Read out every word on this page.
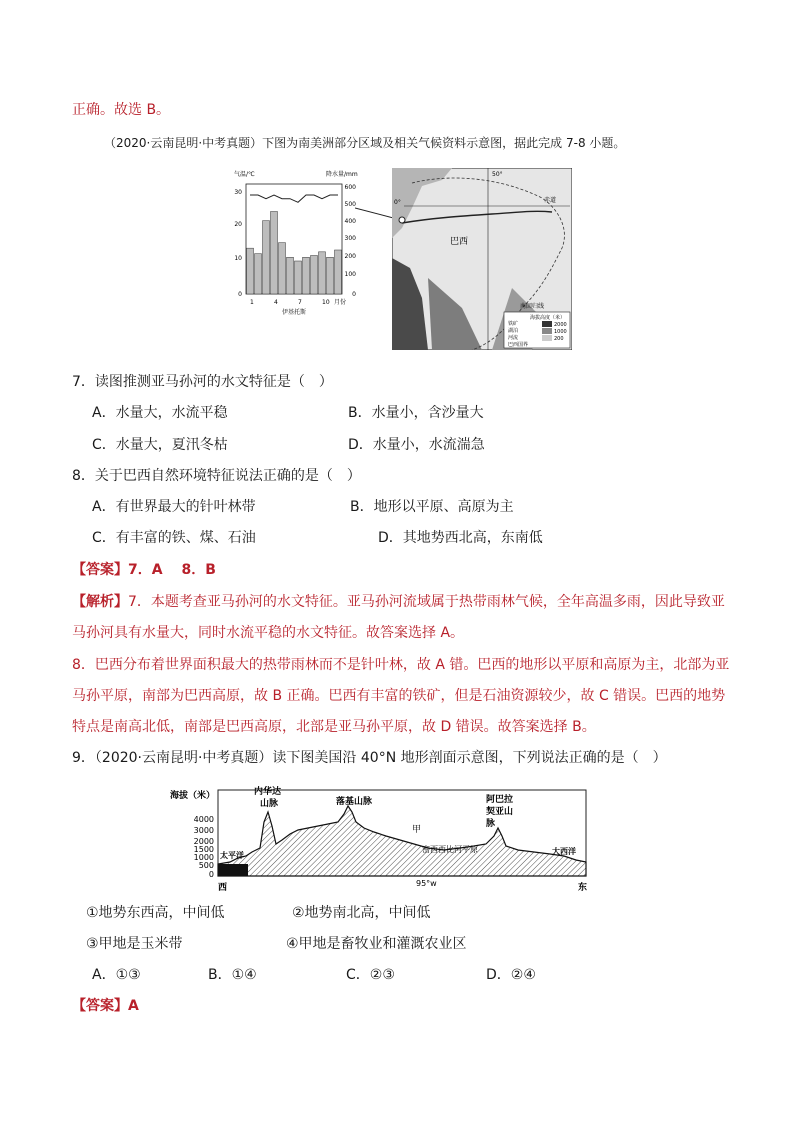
正确。故选 B。
（2020·云南昆明·中考真题）下图为南美洲部分区域及相关气候资料示意图，据此完成 7-8 小题。
气温/℃	降水量/mm
30
20
10
0
600
500
400
300
200
100
0
1	4	7	10 月份
伊基托斯
50°
赤道
0°
巴西
南回归线
海拔高度（米）
铁矿
湖泊
河流
巴西国界
2000
1000
200
7．读图推测亚马孙河的水文特征是（　）
A．水量大，水流平稳	B．水量小，含沙量大
C．水量大，夏汛冬枯	D．水量小，水流湍急
8．关于巴西自然环境特征说法正确的是（　）
A．有世界最大的针叶林带	B．地形以平原、高原为主
C．有丰富的铁、煤、石油	D．其地势西北高，东南低
【答案】7．A　 8．B
【解析】7．本题考查亚马孙河的水文特征。亚马孙河流域属于热带雨林气候，全年高温多雨，因此导致亚
马孙河具有水量大，同时水流平稳的水文特征。故答案选择 A。
8．巴西分布着世界面积最大的热带雨林而不是针叶林，故 A 错。巴西的地形以平原和高原为主，北部为亚
马孙平原，南部为巴西高原，故 B 正确。巴西有丰富的铁矿，但是石油资源较少，故 C 错误。巴西的地势
特点是南高北低，南部是巴西高原，北部是亚马孙平原，故 D 错误。故答案选择 B。
9．（2020·云南昆明·中考真题）读下图美国沿 40°N 地形剖面示意图，下列说法正确的是（　）
海拔（米）
4000
3000
2000
1500
1000
500
0
内华达
山脉	落基山脉	阿巴拉
契亚山
脉
甲
密西西比河平原
太平洋	大西洋
西	东
95°w
①地势东西高，中间低	②地势南北高，中间低
③甲地是玉米带	④甲地是畜牧业和灌溉农业区
A．①③	B．①④	C．②③	D．②④
【答案】A
